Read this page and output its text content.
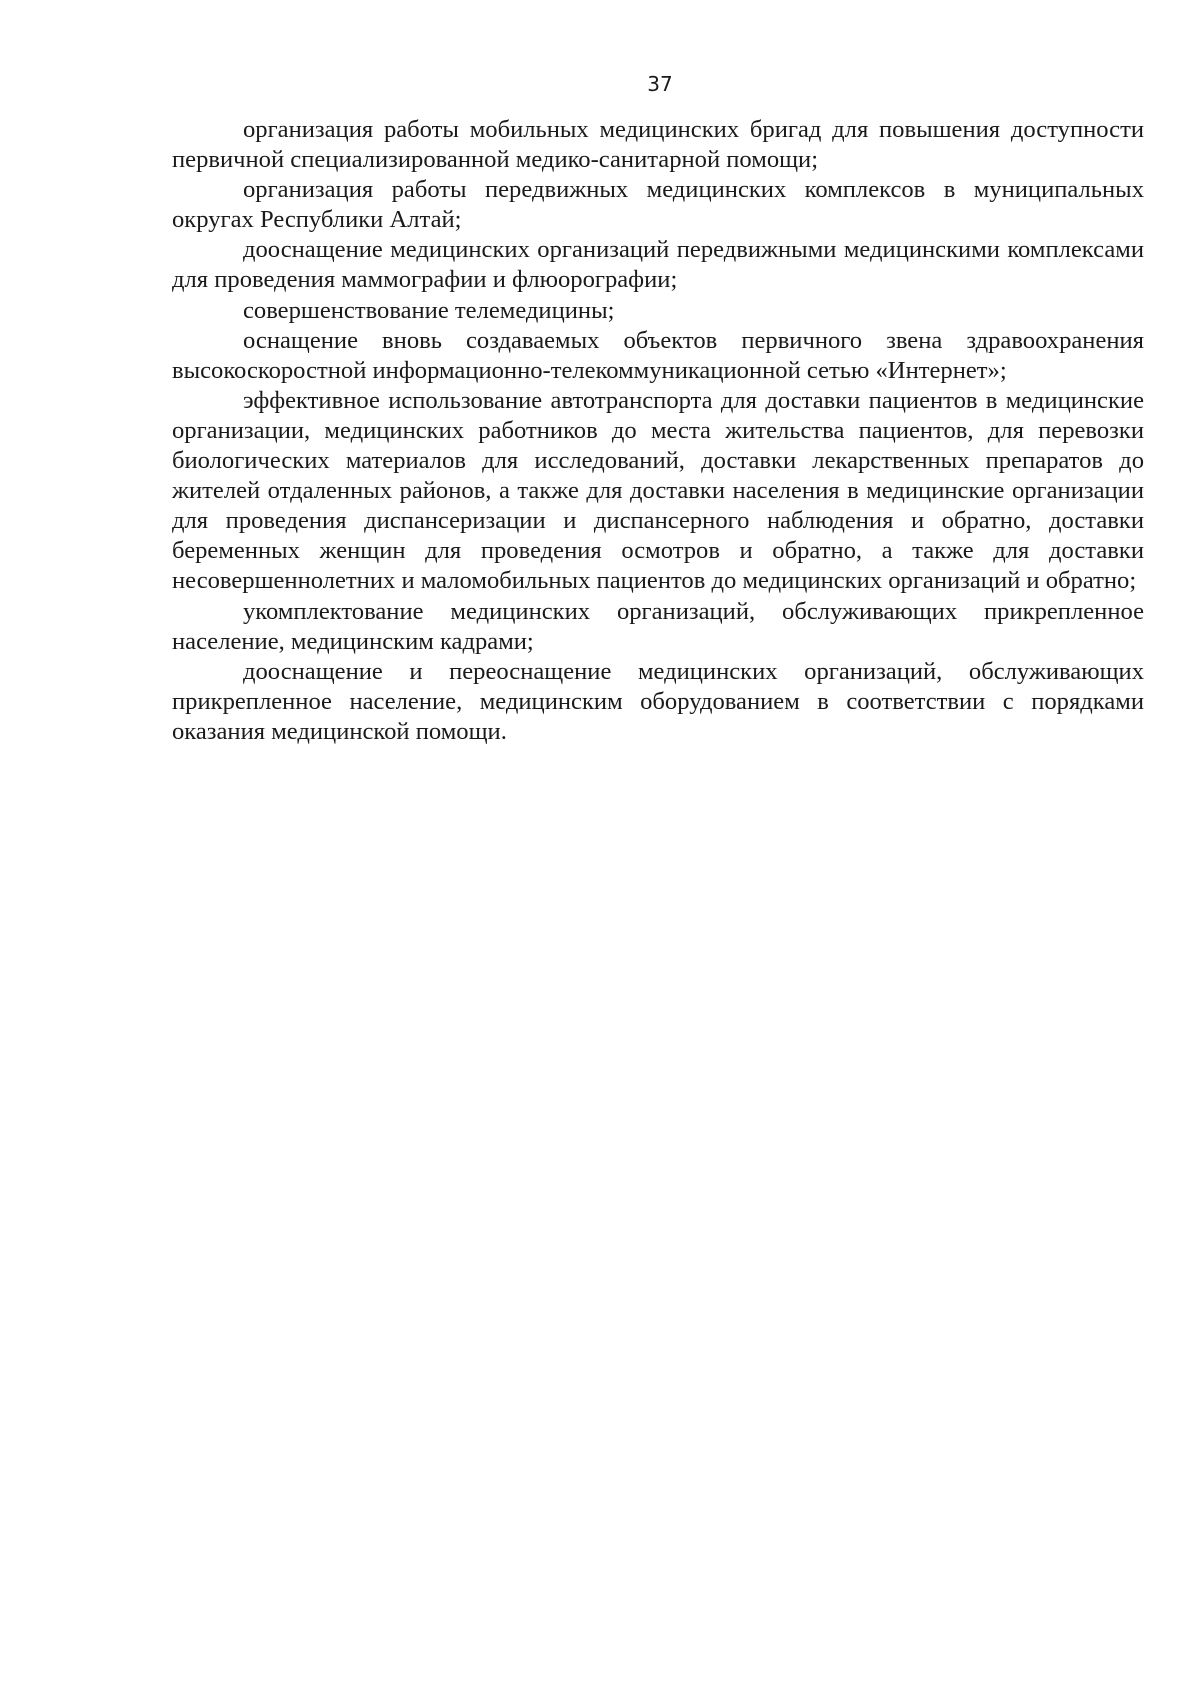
37

организация работы мобильных медицинских бригад для повышения доступности первичной специализированной медико-санитарной помощи;

организация работы передвижных медицинских комплексов в муниципальных округах Республики Алтай;

дооснащение медицинских организаций передвижными медицинскими комплексами для проведения маммографии и флюорографии;

совершенствование телемедицины;

оснащение вновь создаваемых объектов первичного звена здравоохранения высокоскоростной информационно-телекоммуникационной сетью «Интернет»;

эффективное использование автотранспорта для доставки пациентов в медицинские организации, медицинских работников до места жительства пациентов, для перевозки биологических материалов для исследований, доставки лекарственных препаратов до жителей отдаленных районов, а также для доставки населения в медицинские организации для проведения диспансеризации и диспансерного наблюдения и обратно, доставки беременных женщин для проведения осмотров и обратно, а также для доставки несовершеннолетних и маломобильных пациентов до медицинских организаций и обратно;

укомплектование медицинских организаций, обслуживающих прикрепленное население, медицинским кадрами;

дооснащение и переоснащение медицинских организаций, обслуживающих прикрепленное население, медицинским оборудованием в соответствии с порядками оказания медицинской помощи.
